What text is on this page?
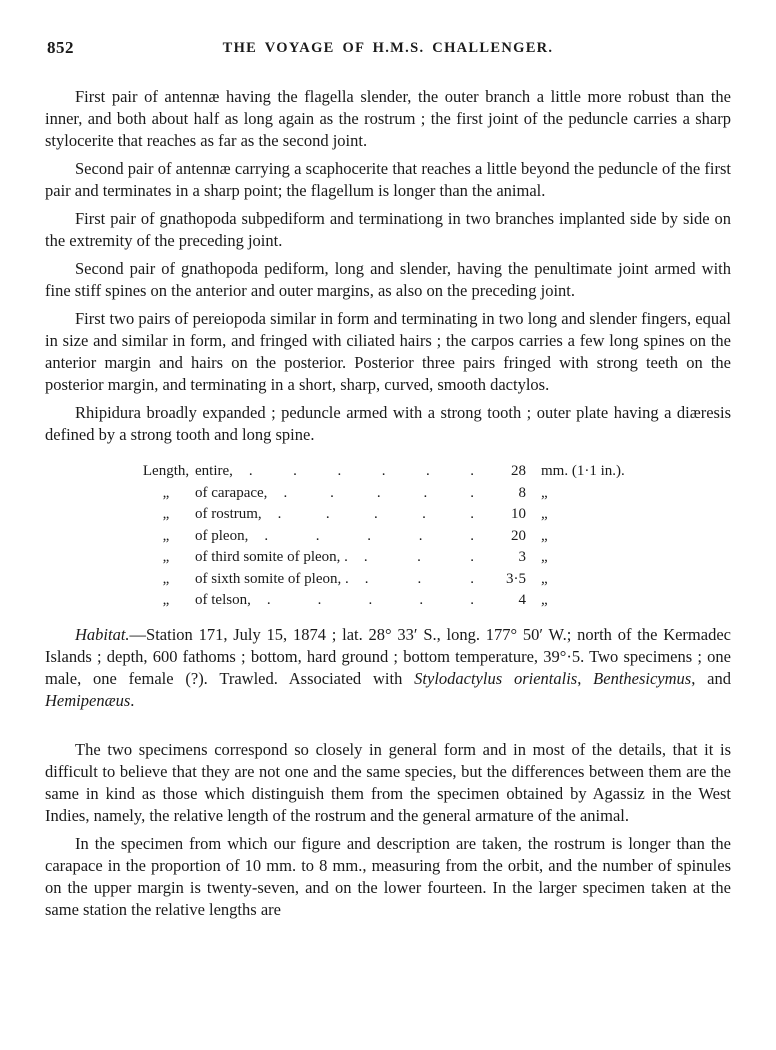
852	THE VOYAGE OF H.M.S. CHALLENGER.

First pair of antennæ having the flagella slender, the outer branch a little more robust than the inner, and both about half as long again as the rostrum ; the first joint of the peduncle carries a sharp stylocerite that reaches as far as the second joint.

Second pair of antennæ carrying a scaphocerite that reaches a little beyond the peduncle of the first pair and terminates in a sharp point; the flagellum is longer than the animal.

First pair of gnathopoda subpediform and terminationg in two branches implanted side by side on the extremity of the preceding joint.

Second pair of gnathopoda pediform, long and slender, having the penultimate joint armed with fine stiff spines on the anterior and outer margins, as also on the preceding joint.

First two pairs of pereiopoda similar in form and terminating in two long and slender fingers, equal in size and similar in form, and fringed with ciliated hairs ; the carpos carries a few long spines on the anterior margin and hairs on the posterior. Posterior three pairs fringed with strong teeth on the posterior margin, and terminating in a short, sharp, curved, smooth dactylos.

Rhipidura broadly expanded ; peduncle armed with a strong tooth ; outer plate having a diæresis defined by a strong tooth and long spine.

Length, entire,	. . . . . .	28	mm. (1·1 in.).
„	of carapace,	. . . . .	8	„
„	of rostrum,	. . . . .	10	„
„	of pleon,	. . . . .	20	„
„	of third somite of pleon, .	. . .	3	„
„	of sixth somite of pleon, .	. . .	3·5	„
„	of telson,	. . . . .	4	„

Habitat.—Station 171, July 15, 1874 ; lat. 28° 33′ S., long. 177° 50′ W.; north of the Kermadec Islands ; depth, 600 fathoms ; bottom, hard ground ; bottom temperature, 39°·5. Two specimens ; one male, one female (?). Trawled. Associated with Stylodactylus orientalis, Benthesicymus, and Hemipenæus.

The two specimens correspond so closely in general form and in most of the details, that it is difficult to believe that they are not one and the same species, but the differences between them are the same in kind as those which distinguish them from the specimen obtained by Agassiz in the West Indies, namely, the relative length of the rostrum and the general armature of the animal.

In the specimen from which our figure and description are taken, the rostrum is longer than the carapace in the proportion of 10 mm. to 8 mm., measuring from the orbit, and the number of spinules on the upper margin is twenty-seven, and on the lower fourteen. In the larger specimen taken at the same station the relative lengths are
